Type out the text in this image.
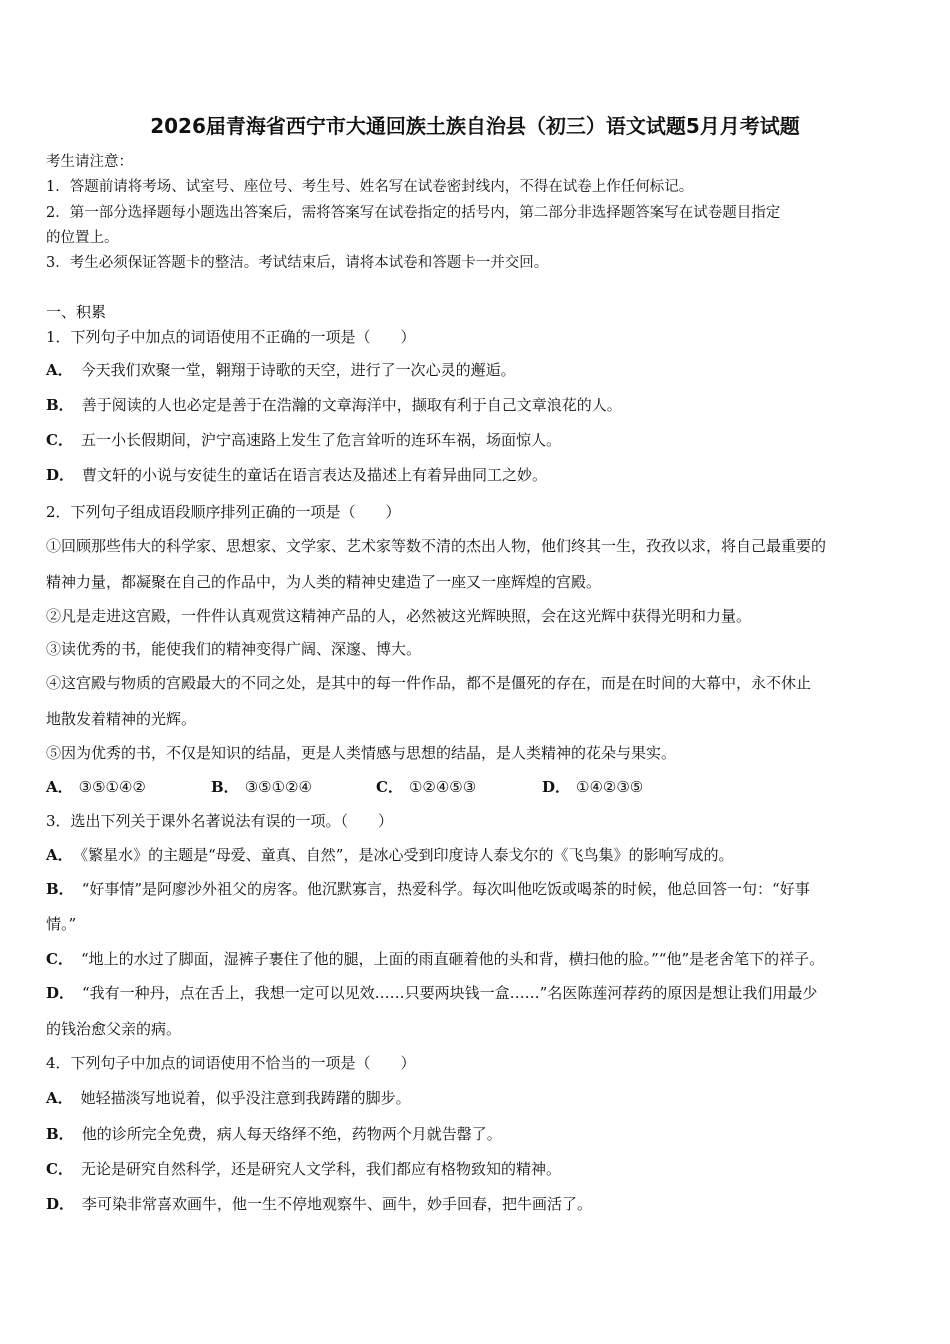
2026届青海省西宁市大通回族土族自治县（初三）语文试题5月月考试题
考生请注意：
1．答题前请将考场、试室号、座位号、考生号、姓名写在试卷密封线内，不得在试卷上作任何标记。
2．第一部分选择题每小题选出答案后，需将答案写在试卷指定的括号内，第二部分非选择题答案写在试卷题目指定
的位置上。
3．考生必须保证答题卡的整洁。考试结束后，请将本试卷和答题卡一并交回。
一、积累
1．下列句子中加点的词语使用不正确的一项是（　　）
A． 今天我们欢聚一堂，翱翔于诗歌的天空，进行了一次心灵的邂逅。
B． 善于阅读的人也必定是善于在浩瀚的文章海洋中，撷取有利于自己文章浪花的人。
C． 五一小长假期间，沪宁高速路上发生了危言耸听的连环车祸，场面惊人。
D． 曹文轩的小说与安徒生的童话在语言表达及描述上有着异曲同工之妙。
2．下列句子组成语段顺序排列正确的一项是（　　）
①回顾那些伟大的科学家、思想家、文学家、艺术家等数不清的杰出人物，他们终其一生，孜孜以求，将自己最重要的
精神力量，都凝聚在自己的作品中，为人类的精神史建造了一座又一座辉煌的宫殿。
②凡是走进这宫殿，一件件认真观赏这精神产品的人，必然被这光辉映照，会在这光辉中获得光明和力量。
③读优秀的书，能使我们的精神变得广阔、深邃、博大。
④这宫殿与物质的宫殿最大的不同之处，是其中的每一件作品，都不是僵死的存在，而是在时间的大幕中，永不休止
地散发着精神的光辉。
⑤因为优秀的书，不仅是知识的结晶，更是人类情感与思想的结晶，是人类精神的花朵与果实。
A． ③⑤①④②	B． ③⑤①②④	C． ①②④⑤③	D． ①④②③⑤
3．选出下列关于课外名著说法有误的一项。（　　）
A． 《繁星水》的主题是“母爱、童真、自然”，是冰心受到印度诗人泰戈尔的《飞鸟集》的影响写成的。
B． “好事情”是阿廖沙外祖父的房客。他沉默寡言，热爱科学。每次叫他吃饭或喝茶的时候，他总回答一句：“好事
情。”
C． “地上的水过了脚面，湿裤子裹住了他的腿，上面的雨直砸着他的头和背，横扫他的脸。”“他”是老舍笔下的祥子。
D． “我有一种丹，点在舌上，我想一定可以见效……只要两块钱一盒……”名医陈莲河荐药的原因是想让我们用最少
的钱治愈父亲的病。
4．下列句子中加点的词语使用不恰当的一项是（　　）
A． 她轻描淡写地说着，似乎没注意到我踌躇的脚步。
B． 他的诊所完全免费，病人每天络绎不绝，药物两个月就告罄了。
C． 无论是研究自然科学，还是研究人文学科，我们都应有格物致知的精神。
D． 李可染非常喜欢画牛，他一生不停地观察牛、画牛，妙手回春，把牛画活了。
